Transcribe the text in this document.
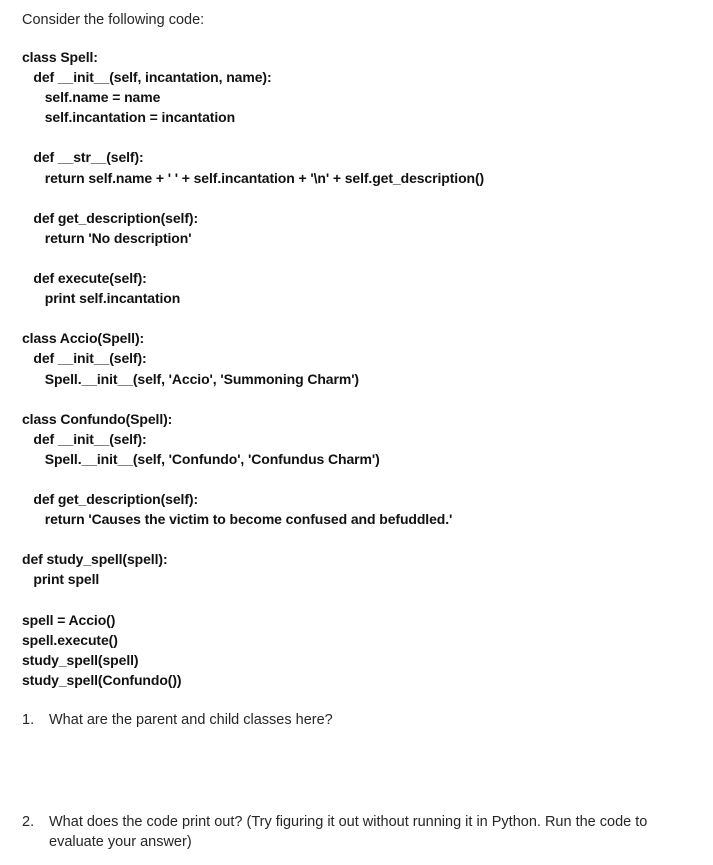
Consider the following code:
class Spell:
def __init__(self, incantation, name):
self.name = name
self.incantation = incantation
def __str__(self):
return self.name + ' ' + self.incantation + '\n' + self.get_description()
def get_description(self):
return 'No description'
def execute(self):
print self.incantation
class Accio(Spell):
def __init__(self):
Spell.__init__(self, 'Accio', 'Summoning Charm')
class Confundo(Spell):
def __init__(self):
Spell.__init__(self, 'Confundo', 'Confundus Charm')
def get_description(self):
return 'Causes the victim to become confused and befuddled.'
def study_spell(spell):
print spell
spell = Accio()
spell.execute()
study_spell(spell)
study_spell(Confundo())
1.	What are the parent and child classes here?
2.	What does the code print out? (Try figuring it out without running it in Python. Run the code to evaluate your answer)
